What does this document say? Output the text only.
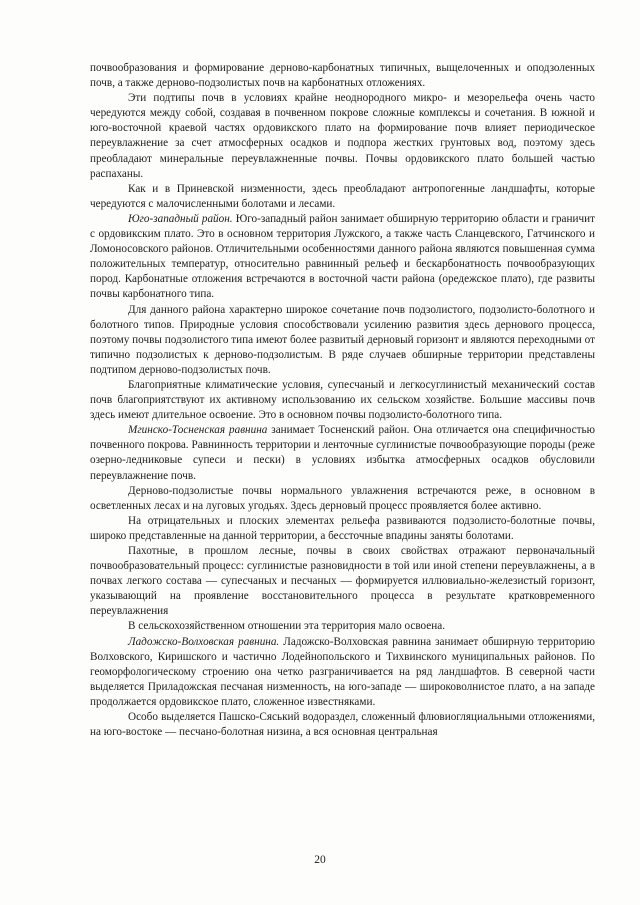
почвообразования и формирование дерново-карбонатных типичных, выщелоченных и оподзоленных почв, а также дерново-подзолистых почв на карбонатных отложениях.

Эти подтипы почв в условиях крайне неоднородного микро- и мезорельефа очень часто чередуются между собой, создавая в почвенном покрове сложные комплексы и сочетания. В южной и юго-восточной краевой частях ордовикского плато на формирование почв влияет периодическое переувлажнение за счет атмосферных осадков и подпора жестких грунтовых вод, поэтому здесь преобладают минеральные переувлажненные почвы. Почвы ордовикского плато большей частью распаханы.

Как и в Приневской низменности, здесь преобладают антропогенные ландшафты, которые чередуются с малочисленными болотами и лесами.

Юго-западный район. Юго-западный район занимает обширную территорию области и граничит с ордовикским плато. Это в основном территория Лужского, а также часть Сланцевского, Гатчинского и Ломоносовского районов. Отличительными особенностями данного района являются повышенная сумма положительных температур, относительно равнинный рельеф и бескарбонатность почвообразующих пород. Карбонатные отложения встречаются в восточной части района (оредежское плато), где развиты почвы карбонатного типа.

Для данного района характерно широкое сочетание почв подзолистого, подзолисто-болотного и болотного типов. Природные условия способствовали усилению развития здесь дернового процесса, поэтому почвы подзолистого типа имеют более развитый дерновый горизонт и являются переходными от типично подзолистых к дерново-подзолистым. В ряде случаев обширные территории представлены подтипом дерново-подзолистых почв.

Благоприятные климатические условия, супесчаный и легкосуглинистый механический состав почв благоприятствуют их активному использованию их сельском хозяйстве. Большие массивы почв здесь имеют длительное освоение. Это в основном почвы подзолисто-болотного типа.

Мгинско-Тосненская равнина занимает Тосненский район. Она отличается она специфичностью почвенного покрова. Равнинность территории и ленточные суглинистые почвообразующие породы (реже озерно-ледниковые супеси и пески) в условиях избытка атмосферных осадков обусловили переувлажнение почв.

Дерново-подзолистые почвы нормального увлажнения встречаются реже, в основном в осветленных лесах и на луговых угодьях. Здесь дерновый процесс проявляется более активно.

На отрицательных и плоских элементах рельефа развиваются подзолисто-болотные почвы, широко представленные на данной территории, а бессточные впадины заняты болотами.

Пахотные, в прошлом лесные, почвы в своих свойствах отражают первоначальный почвообразовательный процесс: суглинистые разновидности в той или иной степени переувлажнены, а в почвах легкого состава — супесчаных и песчаных — формируется иллювиально-железистый горизонт, указывающий на проявление восстановительного процесса в результате кратковременного переувлажнения

В сельскохозяйственном отношении эта территория мало освоена.

Ладожско-Волховская равнина. Ладожско-Волховская равнина занимает обширную территорию Волховского, Киришского и частично Лодейнопольского и Тихвинского муниципальных районов. По геоморфологическому строению она четко разграничивается на ряд ландшафтов. В северной части выделяется Приладожская песчаная низменность, на юго-западе — широковолнистое плато, а на западе продолжается ордовикское плато, сложенное известняками.

Особо выделяется Пашско-Сяський водораздел, сложенный флювиогляциальными отложениями, на юго-востоке — песчано-болотная низина, а вся основная центральная

20
